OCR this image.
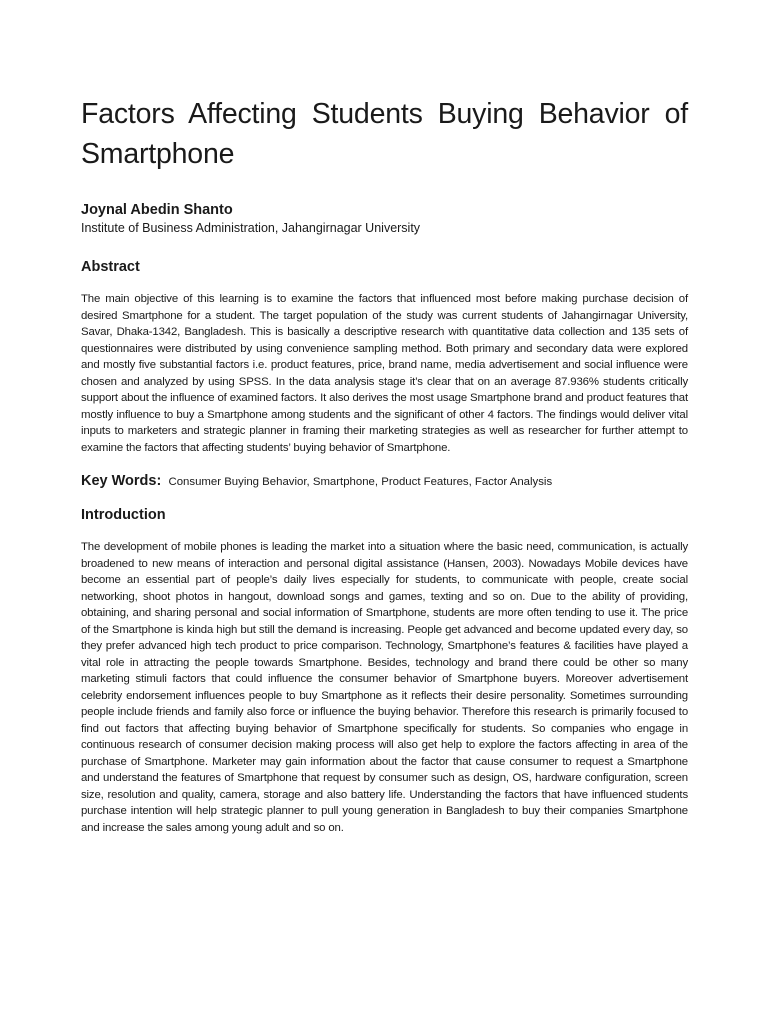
Factors Affecting Students Buying Behavior of Smartphone
Joynal Abedin Shanto
Institute of Business Administration, Jahangirnagar University
Abstract

The main objective of this learning is to examine the factors that influenced most before making purchase decision of desired Smartphone for a student. The target population of the study was current students of Jahangirnagar University, Savar, Dhaka-1342, Bangladesh. This is basically a descriptive research with quantitative data collection and 135 sets of questionnaires were distributed by using convenience sampling method. Both primary and secondary data were explored and mostly five substantial factors i.e. product features, price, brand name, media advertisement and social influence were chosen and analyzed by using SPSS. In the data analysis stage it’s clear that on an average 87.936% students critically support about the influence of examined factors. It also derives the most usage Smartphone brand and product features that mostly influence to buy a Smartphone among students and the significant of other 4 factors. The findings would deliver vital inputs to marketers and strategic planner in framing their marketing strategies as well as researcher for further attempt to examine the factors that affecting students’ buying behavior of Smartphone.

Key Words: Consumer Buying Behavior, Smartphone, Product Features, Factor Analysis
Introduction

The development of mobile phones is leading the market into a situation where the basic need, communication, is actually broadened to new means of interaction and personal digital assistance (Hansen, 2003). Nowadays Mobile devices have become an essential part of people’s daily lives especially for students, to communicate with people, create social networking, shoot photos in hangout, download songs and games, texting and so on. Due to the ability of providing, obtaining, and sharing personal and social information of Smartphone, students are more often tending to use it. The price of the Smartphone is kinda high but still the demand is increasing. People get advanced and become updated every day, so they prefer advanced high tech product to price comparison. Technology, Smartphone’s features & facilities have played a vital role in attracting the people towards Smartphone. Besides, technology and brand there could be other so many marketing stimuli factors that could influence the consumer behavior of Smartphone buyers. Moreover advertisement celebrity endorsement influences people to buy Smartphone as it reflects their desire personality. Sometimes surrounding people include friends and family also force or influence the buying behavior. Therefore this research is primarily focused to find out factors that affecting buying behavior of Smartphone specifically for students. So companies who engage in continuous research of consumer decision making process will also get help to explore the factors affecting in area of the purchase of Smartphone. Marketer may gain information about the factor that cause consumer to request a Smartphone and understand the features of Smartphone that request by consumer such as design, OS, hardware configuration, screen size, resolution and quality, camera, storage and also battery life. Understanding the factors that have influenced students purchase intention will help strategic planner to pull young generation in Bangladesh to buy their companies Smartphone and increase the sales among young adult and so on.
